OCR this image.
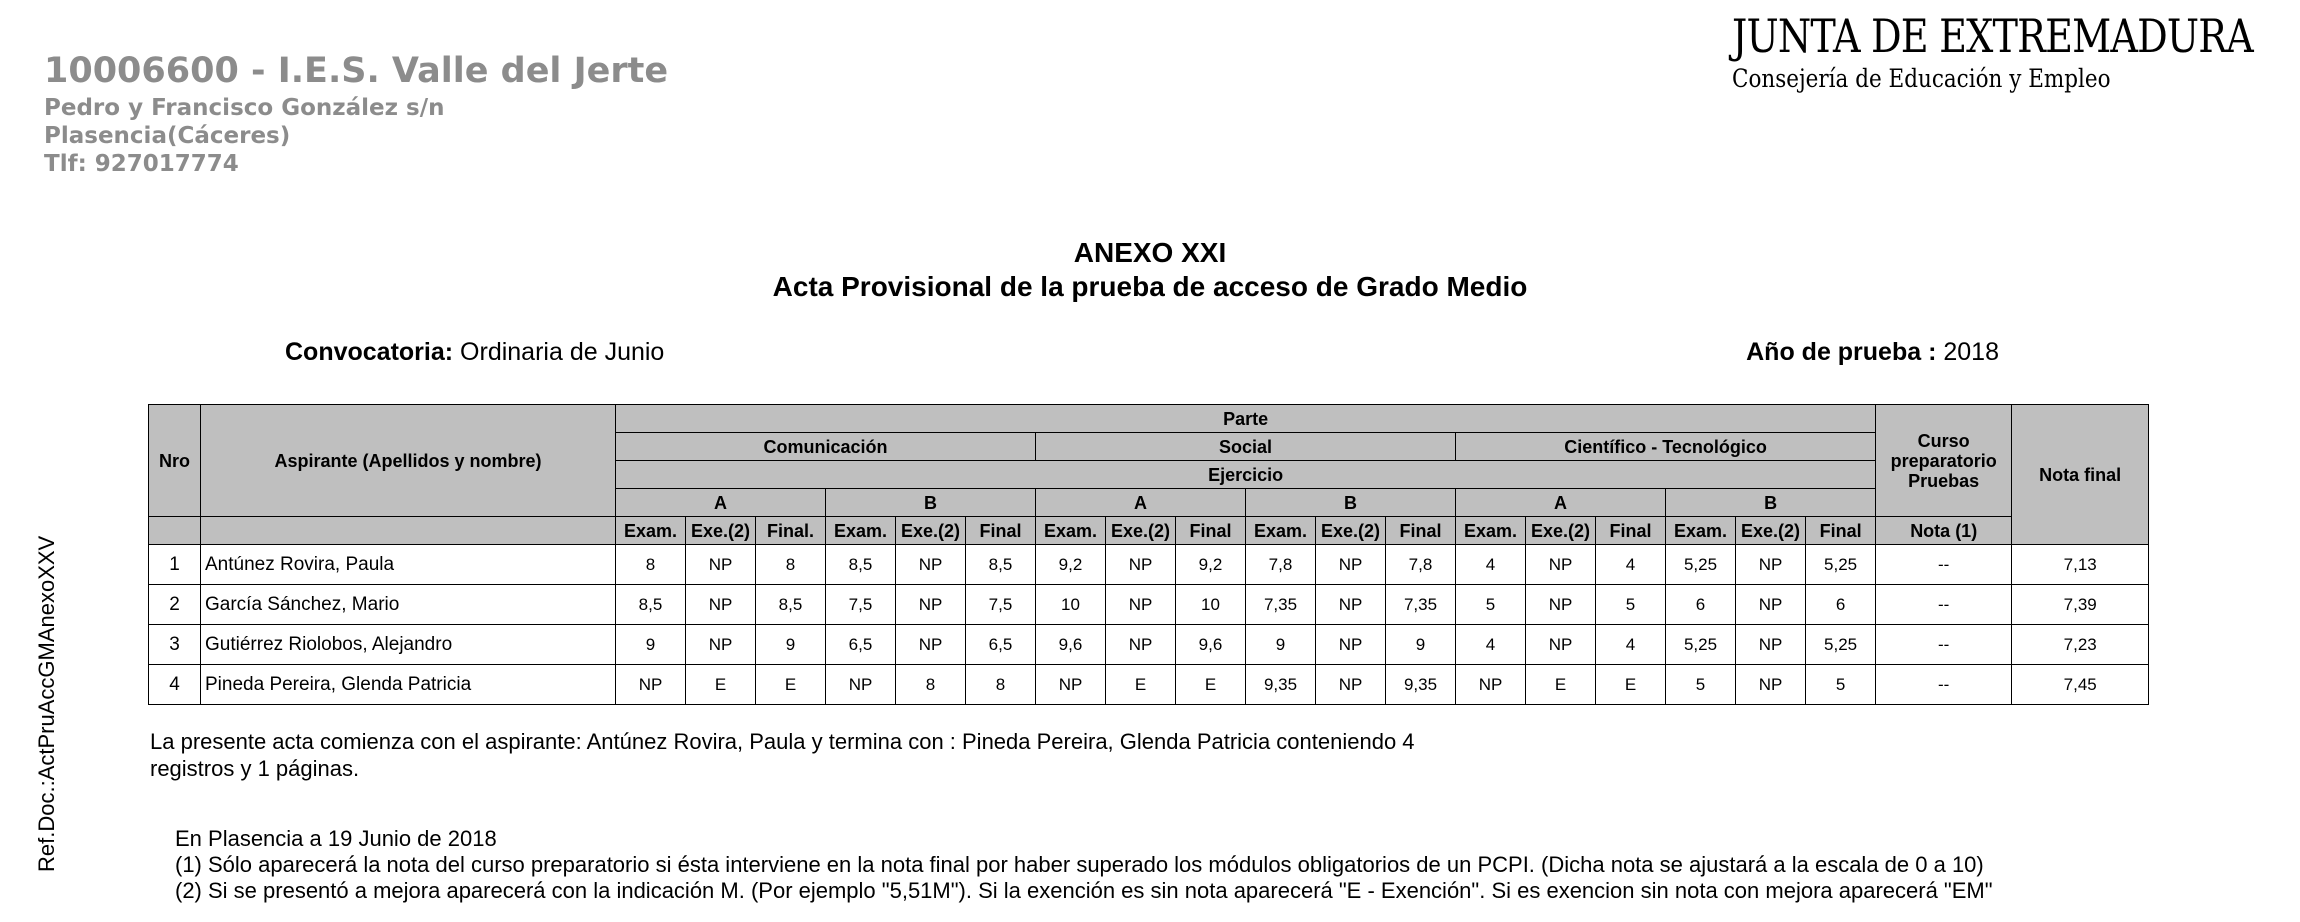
10006600 - I.E.S. Valle del Jerte
Pedro y Francisco González s/n
Plasencia(Cáceres)
Tlf: 927017774
JUNTA DE EXTREMADURA
Consejería de Educación y Empleo
Ref.Doc.:ActPruAccGMAnexoXXV
ANEXO XXI
Acta Provisional de la prueba de acceso de Grado Medio
Convocatoria: Ordinaria de Junio	Año de prueba : 2018
Nro	Aspirante (Apellidos y nombre)	Parte																		Curso preparatorio Pruebas	Nota final
		Comunicación						Social						Científico - Tecnológico							
		Ejercicio																			
		A			B			A			B			A			B				
		Exam.	Exe.(2)	Final.	Exam.	Exe.(2)	Final	Exam.	Exe.(2)	Final	Exam.	Exe.(2)	Final	Exam.	Exe.(2)	Final	Exam.	Exe.(2)	Final	Nota (1)	
1	Antúnez Rovira, Paula	8	NP	8	8,5	NP	8,5	9,2	NP	9,2	7,8	NP	7,8	4	NP	4	5,25	NP	5,25	--	7,13
2	García Sánchez, Mario	8,5	NP	8,5	7,5	NP	7,5	10	NP	10	7,35	NP	7,35	5	NP	5	6	NP	6	--	7,39
3	Gutiérrez Riolobos, Alejandro	9	NP	9	6,5	NP	6,5	9,6	NP	9,6	9	NP	9	4	NP	4	5,25	NP	5,25	--	7,23
4	Pineda Pereira, Glenda Patricia	NP	E	E	NP	8	8	NP	E	E	9,35	NP	9,35	NP	E	E	5	NP	5	--	7,45
La presente acta comienza con el aspirante: Antúnez Rovira, Paula y termina con : Pineda Pereira, Glenda Patricia conteniendo 4 registros y 1 páginas.
En Plasencia a 19 Junio de 2018
(1) Sólo aparecerá la nota del curso preparatorio si ésta interviene en la nota final por haber superado los módulos obligatorios de un PCPI. (Dicha nota se ajustará a la escala de 0 a 10)
(2) Si se presentó a mejora aparecerá con la indicación M. (Por ejemplo "5,51M"). Si la exención es sin nota aparecerá "E - Exención". Si es exencion sin nota con mejora aparecerá "EM"
